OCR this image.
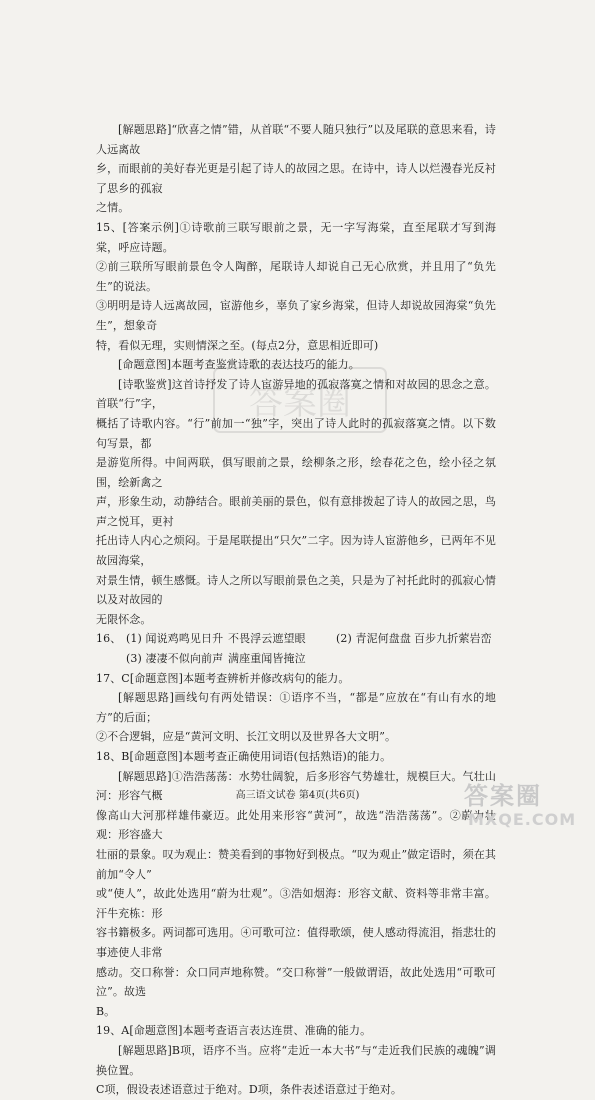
答案圈

[解题思路]“欣喜之情”错，从首联“不要人随只独行”以及尾联的意思来看，诗人远离故

乡，而眼前的美好春光更是引起了诗人的故园之思。在诗中，诗人以烂漫春光反衬了思乡的孤寂

之情。

15、[答案示例]①诗歌前三联写眼前之景，无一字写海棠，直至尾联才写到海棠，呼应诗题。

②前三联所写眼前景色令人陶醉，尾联诗人却说自己无心欣赏，并且用了“负先生”的说法。

③明明是诗人远离故园，宦游他乡，辜负了家乡海棠，但诗人却说故园海棠“负先生”，想象奇

特，看似无理，实则情深之至。(每点2分，意思相近即可)

[命题意图]本题考查鉴赏诗歌的表达技巧的能力。

[诗歌鉴赏]这首诗抒发了诗人宦游异地的孤寂落寞之情和对故园的思念之意。首联“行”字，

概括了诗歌内容。“行”前加一“独”字，突出了诗人此时的孤寂落寞之情。以下数句写景，都

是游览所得。中间两联，俱写眼前之景，绘柳条之形，绘春花之色，绘小径之氛围，绘新禽之

声，形象生动，动静结合。眼前美丽的景色，似有意排拨起了诗人的故园之思，鸟声之悦耳，更衬

托出诗人内心之烦闷。于是尾联提出“只欠”二字。因为诗人宦游他乡，已两年不见故园海棠，

对景生情，顿生感慨。诗人之所以写眼前景色之美，只是为了衬托此时的孤寂心情以及对故园的

无限怀念。

16、 (1) 闻说鸡鸣见日升 不畏浮云遮望眼	(2) 青泥何盘盘 百步九折萦岩峦
(3) 凄凄不似向前声 满座重闻皆掩泣

17、C[命题意图]本题考查辨析并修改病句的能力。

[解题思路]画线句有两处错误：①语序不当，“都是”应放在“有山有水的地方”的后面；

②不合逻辑，应是“黄河文明、长江文明以及世界各大文明”。

18、B[命题意图]本题考查正确使用词语(包括熟语)的能力。

[解题思路]①浩浩荡荡：水势壮阔貌，后多形容气势雄壮，规模巨大。气壮山河：形容气概

像高山大河那样雄伟豪迈。此处用来形容“黄河”，故选“浩浩荡荡”。②蔚为壮观：形容盛大

壮丽的景象。叹为观止：赞美看到的事物好到极点。“叹为观止”做定语时，须在其前加“令人”

或“使人”，故此处选用“蔚为壮观”。③浩如烟海：形容文献、资料等非常丰富。汗牛充栋：形

容书籍极多。两词都可选用。④可歌可泣：值得歌颂，使人感动得流泪，指悲壮的事迹使人非常

感动。交口称誉：众口同声地称赞。“交口称誉”一般做谓语，故此处选用“可歌可泣”。故选

B。

19、A[命题意图]本题考查语言表达连贯、准确的能力。

[解题思路]B项，语序不当。应将“走近一本大书”与“走近我们民族的魂魄”调换位置。

C项，假设表述语意过于绝对。D项，条件表述语意过于绝对。

高三语文试卷 第4页(共6页)	答案圈
MXQE.COM
